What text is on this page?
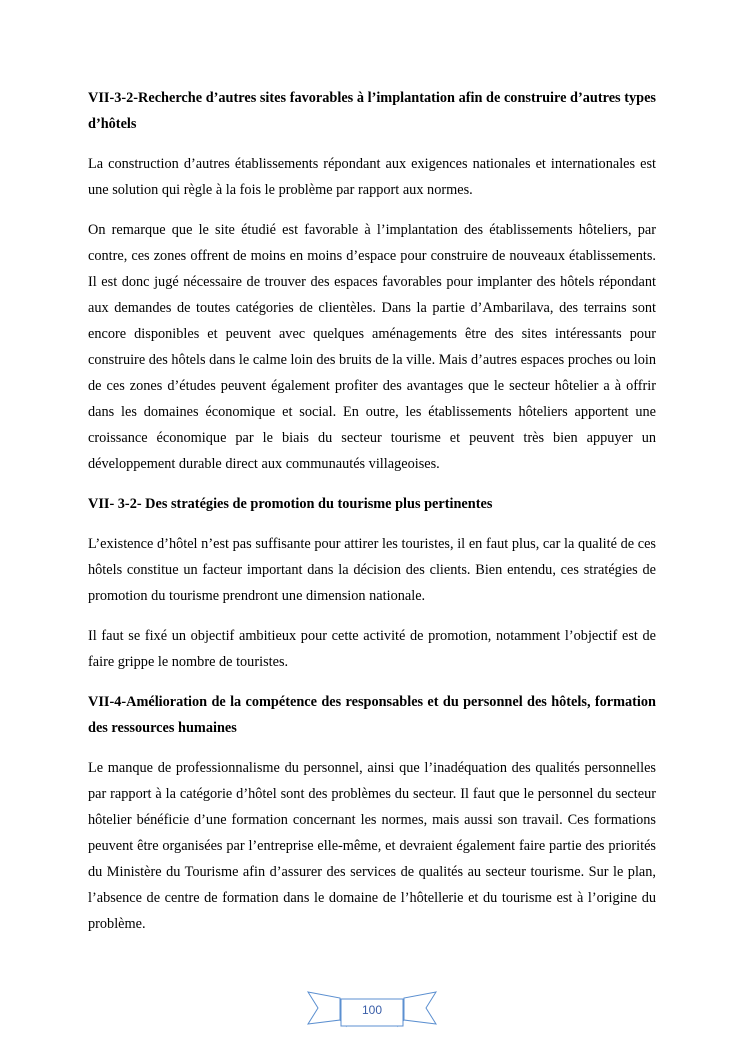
VII-3-2-Recherche d’autres sites favorables à l’implantation afin de construire d’autres types d’hôtels
La construction d’autres établissements répondant aux exigences nationales et internationales est une solution qui règle à la fois le problème par rapport aux normes.
On remarque que le site étudié est favorable à l’implantation des établissements hôteliers, par contre, ces zones offrent de moins en moins d’espace pour construire de nouveaux établissements. Il est donc jugé nécessaire de trouver des espaces favorables pour implanter des hôtels répondant aux demandes de toutes catégories de clientèles. Dans la partie d’Ambarilava, des terrains sont encore disponibles et peuvent avec quelques aménagements être des sites intéressants pour construire des hôtels dans le calme loin des bruits de la ville. Mais d’autres espaces proches ou loin de ces zones d’études peuvent également profiter des avantages que le secteur hôtelier a à offrir dans les domaines économique et social. En outre, les établissements hôteliers apportent une croissance économique par le biais du secteur tourisme et peuvent très bien appuyer un développement durable direct aux communautés villageoises.
VII- 3-2- Des stratégies de promotion du tourisme plus pertinentes
L’existence d’hôtel n’est pas suffisante pour attirer les touristes, il en faut plus, car la qualité de ces hôtels constitue un facteur important dans la décision des clients. Bien entendu, ces stratégies de promotion du tourisme prendront une dimension nationale.
Il faut se fixé un objectif ambitieux pour cette activité de promotion, notamment l’objectif est de faire grippe le nombre de touristes.
VII-4-Amélioration de la compétence des responsables et du personnel des hôtels, formation des ressources humaines
Le manque de professionnalisme du personnel, ainsi que l’inadéquation des qualités personnelles par rapport à la catégorie d’hôtel sont des problèmes du secteur. Il faut que le personnel du secteur hôtelier bénéficie d’une formation concernant les normes, mais aussi son travail. Ces formations peuvent être organisées par l’entreprise elle-même, et devraient également faire partie des priorités du Ministère du Tourisme afin d’assurer des services de qualités au secteur tourisme. Sur le plan, l’absence de centre de formation dans le domaine de l’hôtellerie et du tourisme est à l’origine du problème.
100
